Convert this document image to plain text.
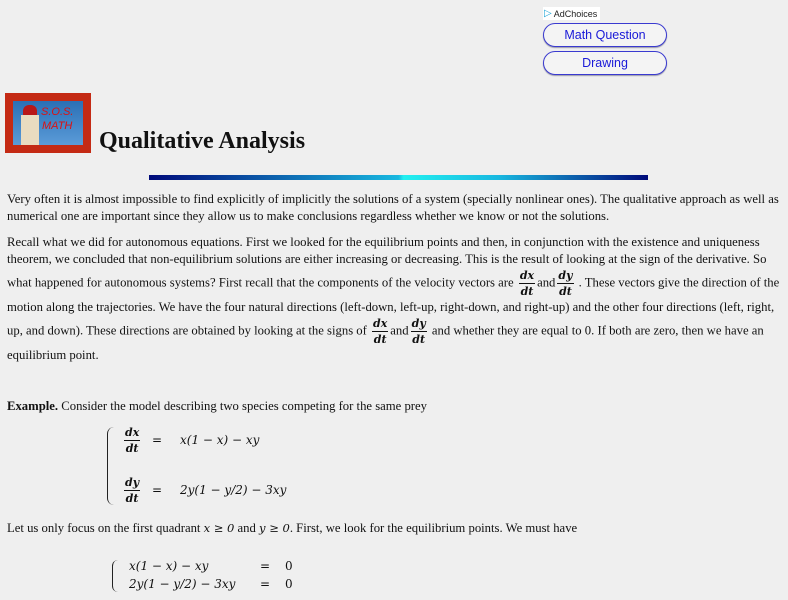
▷ AdChoices
Math Question
Drawing
S.O.S.
MATH
Qualitative Analysis

Very often it is almost impossible to find explicitly of implicitly the solutions of a system (specially nonlinear ones). The qualitative approach as well as numerical one are important since they allow us to make conclusions regardless whether we know or not the solutions.

Recall what we did for autonomous equations. First we looked for the equilibrium points and then, in conjunction with the existence and uniqueness theorem, we concluded that non-equilibrium solutions are either increasing or decreasing. This is the result of looking at the sign of the derivative. So what happened for autonomous systems? First recall that the components of the velocity vectors are $\frac{dx}{dt}$ and $\frac{dy}{dt}$ . These vectors give the direction of the motion along the trajectories. We have the four natural directions (left-down, left-up, right-down, and right-up) and the other four directions (left, right, up, and down). These directions are obtained by looking at the signs of $\frac{dx}{dt}$ and $\frac{dy}{dt}$ and whether they are equal to 0. If both are zero, then we have an equilibrium point.

Example. Consider the model describing two species competing for the same prey
$\frac{dx}{dt} = x(1 - x)$ − xy
$\frac{dy}{dt} = 2y(1 - y/2) - 3xy$
Let us only focus on the first quadrant x ≥ 0 and y ≥ 0. First, we look for the equilibrium points. We must have
x(1 − x) − xy	= 0
2y(1 − y/2) − 3xy = 0
